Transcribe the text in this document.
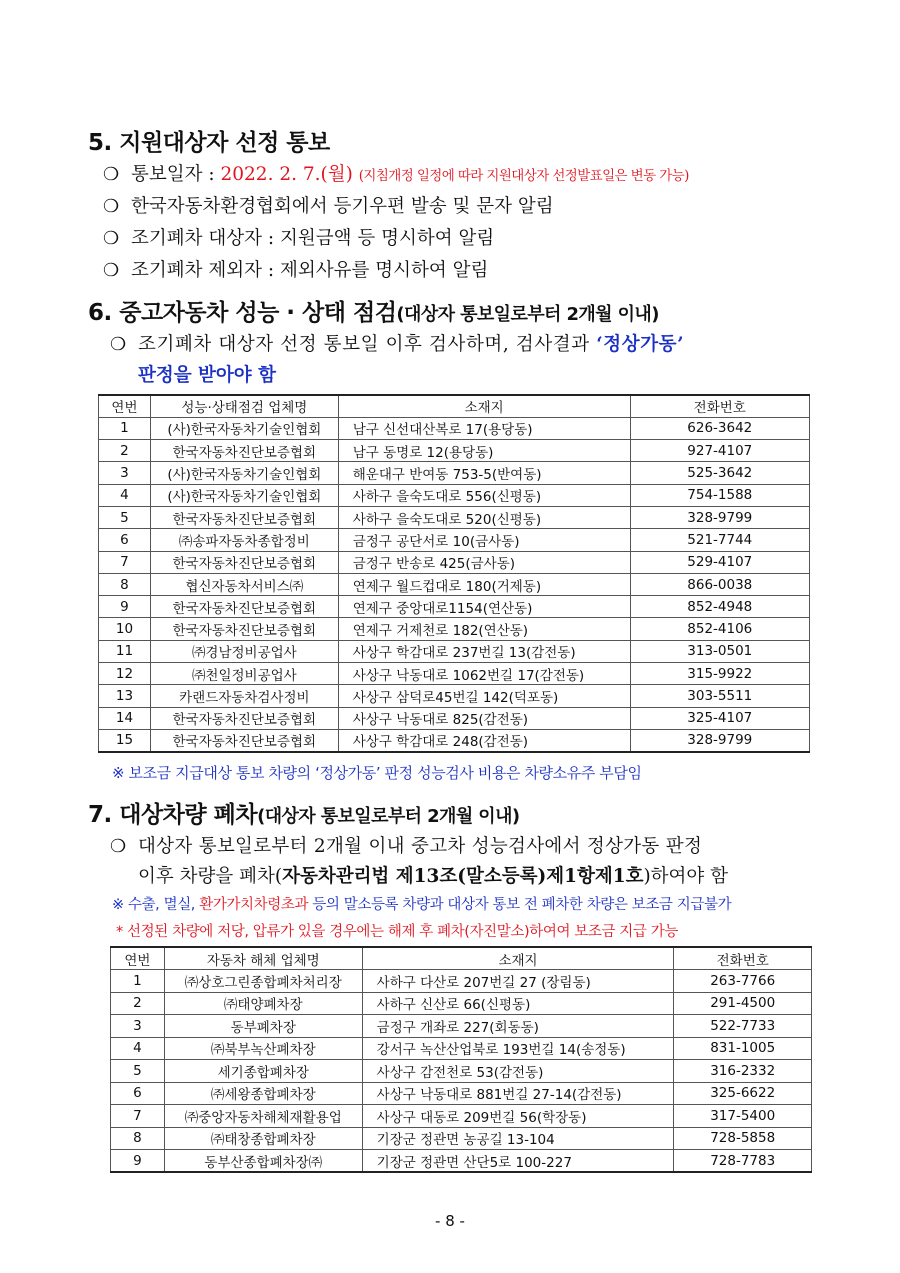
5. 지원대상자 선정 통보
❍ 통보일자 : 2022. 2. 7.(월) (지침개정 일정에 따라 지원대상자 선정발표일은 변동 가능)
❍ 한국자동차환경협회에서 등기우편 발송 및 문자 알림
❍ 조기폐차 대상자 : 지원금액 등 명시하여 알림
❍ 조기폐차 제외자 : 제외사유를 명시하여 알림
6. 중고자동차 성능 · 상태 점검(대상자 통보일로부터 2개월 이내)
❍ 조기폐차 대상자 선정 통보일 이후 검사하며, 검사결과 ‘정상가동’
판정을 받아야 함
연번	성능·상태점검 업체명	소재지	전화번호
1	(사)한국자동차기술인협회	남구 신선대산복로 17(용당동)	626-3642
2	한국자동차진단보증협회	남구 동명로 12(용당동)	927-4107
3	(사)한국자동차기술인협회	해운대구 반여동 753-5(반여동)	525-3642
4	(사)한국자동차기술인협회	사하구 을숙도대로 556(신평동)	754-1588
5	한국자동차진단보증협회	사하구 을숙도대로 520(신평동)	328-9799
6	㈜송파자동차종합정비	금정구 공단서로 10(금사동)	521-7744
7	한국자동차진단보증협회	금정구 반송로 425(금사동)	529-4107
8	협신자동차서비스㈜	연제구 월드컵대로 180(거제동)	866-0038
9	한국자동차진단보증협회	연제구 중앙대로1154(연산동)	852-4948
10	한국자동차진단보증협회	연제구 거제천로 182(연산동)	852-4106
11	㈜경남정비공업사	사상구 학감대로 237번길 13(감전동)	313-0501
12	㈜천일정비공업사	사상구 낙동대로 1062번길 17(감전동)	315-9922
13	카랜드자동차검사정비	사상구 삼덕로45번길 142(덕포동)	303-5511
14	한국자동차진단보증협회	사상구 낙동대로 825(감전동)	325-4107
15	한국자동차진단보증협회	사상구 학감대로 248(감전동)	328-9799
※ 보조금 지급대상 통보 차량의 ‘정상가동’ 판정 성능검사 비용은 차량소유주 부담임
7. 대상차량 폐차(대상자 통보일로부터 2개월 이내)
❍ 대상자 통보일로부터 2개월 이내 중고차 성능검사에서 정상가동 판정
이후 차량을 폐차(자동차관리법 제13조(말소등록)제1항제1호)하여야 함
※ 수출, 멸실, 환가가치차령초과 등의 말소등록 차량과 대상자 통보 전 폐차한 차량은 보조금 지급불가
* 선정된 차량에 저당, 압류가 있을 경우에는 해제 후 폐차(자진말소)하여여 보조금 지급 가능
연번	자동차 해체 업체명	소재지	전화번호
1	㈜상호그린종합폐차처리장	사하구 다산로 207번길 27 (장림동)	263-7766
2	㈜태양폐차장	사하구 신산로 66(신평동)	291-4500
3	동부폐차장	금정구 개좌로 227(회동동)	522-7733
4	㈜북부녹산폐차장	강서구 녹산산업북로 193번길 14(송정동)	831-1005
5	세기종합폐차장	사상구 감전천로 53(감전동)	316-2332
6	㈜세왕종합폐차장	사상구 낙동대로 881번길 27-14(감전동)	325-6622
7	㈜중앙자동차해체재활용업	사상구 대동로 209번길 56(학장동)	317-5400
8	㈜태창종합폐차장	기장군 정관면 농공길 13-104	728-5858
9	동부산종합폐차장㈜	기장군 정관면 산단5로 100-227	728-7783
- 8 -
